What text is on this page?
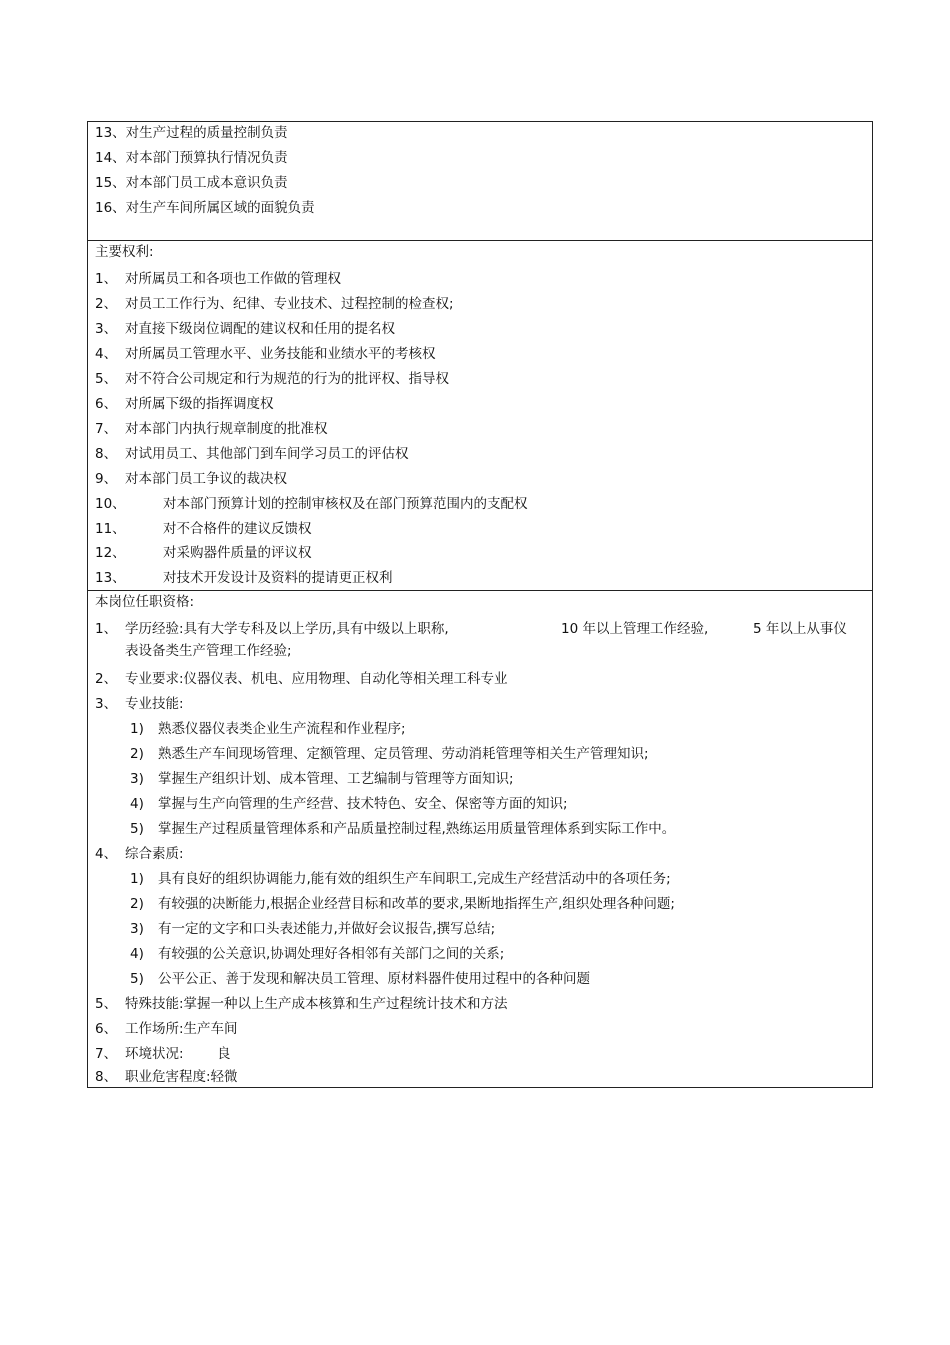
13、对生产过程的质量控制负责
14、对本部门预算执行情况负责
15、对本部门员工成本意识负责
16、对生产车间所属区域的面貌负责
主要权利:
1、 对所属员工和各项也工作做的管理权
2、 对员工工作行为、纪律、专业技术、过程控制的检查权;
3、 对直接下级岗位调配的建议权和任用的提名权
4、 对所属员工管理水平、业务技能和业绩水平的考核权
5、 对不符合公司规定和行为规范的行为的批评权、指导权
6、 对所属下级的指挥调度权
7、 对本部门内执行规章制度的批准权
8、 对试用员工、其他部门到车间学习员工的评估权
9、 对本部门员工争议的裁决权
10、	对本部门预算计划的控制审核权及在部门预算范围内的支配权
11、	对不合格件的建议反馈权
12、	对采购器件质量的评议权
13、	对技术开发设计及资料的提请更正权利
本岗位任职资格:
1、 学历经验:具有大学专科及以上学历,具有中级以上职称,	10 年以上管理工作经验,	5 年以上从事仪
表设备类生产管理工作经验;
2、 专业要求:仪器仪表、机电、应用物理、自动化等相关理工科专业
3、 专业技能:
1) 熟悉仪器仪表类企业生产流程和作业程序;
2) 熟悉生产车间现场管理、定额管理、定员管理、劳动消耗管理等相关生产管理知识;
3) 掌握生产组织计划、成本管理、工艺编制与管理等方面知识;
4) 掌握与生产向管理的生产经营、技术特色、安全、保密等方面的知识;
5) 掌握生产过程质量管理体系和产品质量控制过程,熟练运用质量管理体系到实际工作中。
4、 综合素质:
1) 具有良好的组织协调能力,能有效的组织生产车间职工,完成生产经营活动中的各项任务;
2) 有较强的决断能力,根据企业经营目标和改革的要求,果断地指挥生产,组织处理各种问题;
3) 有一定的文字和口头表述能力,并做好会议报告,撰写总结;
4) 有较强的公关意识,协调处理好各相邻有关部门之间的关系;
5) 公平公正、善于发现和解决员工管理、原材料器件使用过程中的各种问题
5、 特殊技能:掌握一种以上生产成本核算和生产过程统计技术和方法
6、 工作场所:生产车间
7、 环境状况: 良
8、 职业危害程度:轻微
